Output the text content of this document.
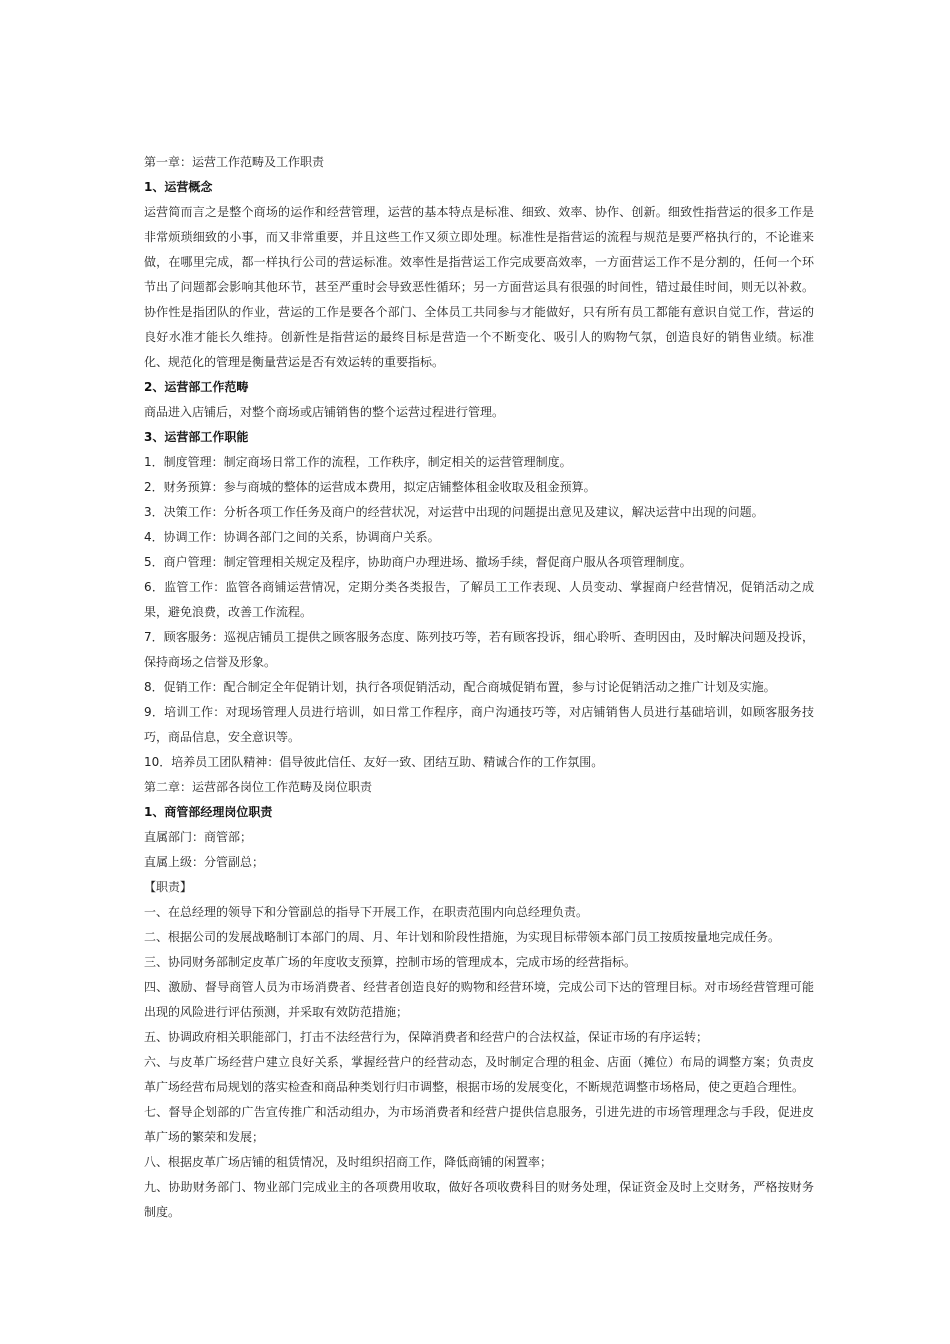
第一章：运营工作范畴及工作职责

1、运营概念

运营简而言之是整个商场的运作和经营管理，运营的基本特点是标准、细致、效率、协作、创新。细致性指营运的很多工作是非常烦琐细致的小事，而又非常重要，并且这些工作又须立即处理。标准性是指营运的流程与规范是要严格执行的，不论谁来做，在哪里完成，都一样执行公司的营运标准。效率性是指营运工作完成要高效率，一方面营运工作不是分割的，任何一个环节出了问题都会影响其他环节，甚至严重时会导致恶性循环；另一方面营运具有很强的时间性，错过最佳时间，则无以补救。协作性是指团队的作业，营运的工作是要各个部门、全体员工共同参与才能做好，只有所有员工都能有意识自觉工作，营运的良好水准才能长久维持。创新性是指营运的最终目标是营造一个不断变化、吸引人的购物气氛，创造良好的销售业绩。标准化、规范化的管理是衡量营运是否有效运转的重要指标。

2、运营部工作范畴

商品进入店铺后，对整个商场或店铺销售的整个运营过程进行管理。

3、运营部工作职能

1．制度管理：制定商场日常工作的流程，工作秩序，制定相关的运营管理制度。

2．财务预算：参与商城的整体的运营成本费用，拟定店铺整体租金收取及租金预算。

3．决策工作：分析各项工作任务及商户的经营状况，对运营中出现的问题提出意见及建议，解决运营中出现的问题。

4．协调工作：协调各部门之间的关系，协调商户关系。

5．商户管理：制定管理相关规定及程序，协助商户办理进场、撤场手续，督促商户服从各项管理制度。

6．监管工作：监管各商铺运营情况，定期分类各类报告，了解员工工作表现、人员变动、掌握商户经营情况，促销活动之成果，避免浪费，改善工作流程。

7．顾客服务：巡视店铺员工提供之顾客服务态度、陈列技巧等，若有顾客投诉，细心聆听、查明因由，及时解决问题及投诉，保持商场之信誉及形象。

8．促销工作：配合制定全年促销计划，执行各项促销活动，配合商城促销布置，参与讨论促销活动之推广计划及实施。

9．培训工作：对现场管理人员进行培训，如日常工作程序，商户沟通技巧等，对店铺销售人员进行基础培训，如顾客服务技巧，商品信息，安全意识等。

10．培养员工团队精神：倡导彼此信任、友好一致、团结互助、精诚合作的工作氛围。

第二章：运营部各岗位工作范畴及岗位职责

1、商管部经理岗位职责

直属部门：商管部；

直属上级：分管副总；

【职责】

一、在总经理的领导下和分管副总的指导下开展工作，在职责范围内向总经理负责。

二、根据公司的发展战略制订本部门的周、月、年计划和阶段性措施，为实现目标带领本部门员工按质按量地完成任务。

三、协同财务部制定皮革广场的年度收支预算，控制市场的管理成本，完成市场的经营指标。

四、激励、督导商管人员为市场消费者、经营者创造良好的购物和经营环境，完成公司下达的管理目标。对市场经营管理可能出现的风险进行评估预测，并采取有效防范措施；

五、协调政府相关职能部门，打击不法经营行为，保障消费者和经营户的合法权益，保证市场的有序运转；

六、与皮革广场经营户建立良好关系，掌握经营户的经营动态，及时制定合理的租金、店面（摊位）布局的调整方案；负责皮革广场经营布局规划的落实检查和商品种类划行归市调整，根据市场的发展变化，不断规范调整市场格局，使之更趋合理性。

七、督导企划部的广告宣传推广和活动组办，为市场消费者和经营户提供信息服务，引进先进的市场管理理念与手段，促进皮革广场的繁荣和发展；

八、根据皮革广场店铺的租赁情况，及时组织招商工作，降低商铺的闲置率；

九、协助财务部门、物业部门完成业主的各项费用收取，做好各项收费科目的财务处理，保证资金及时上交财务，严格按财务制度。
